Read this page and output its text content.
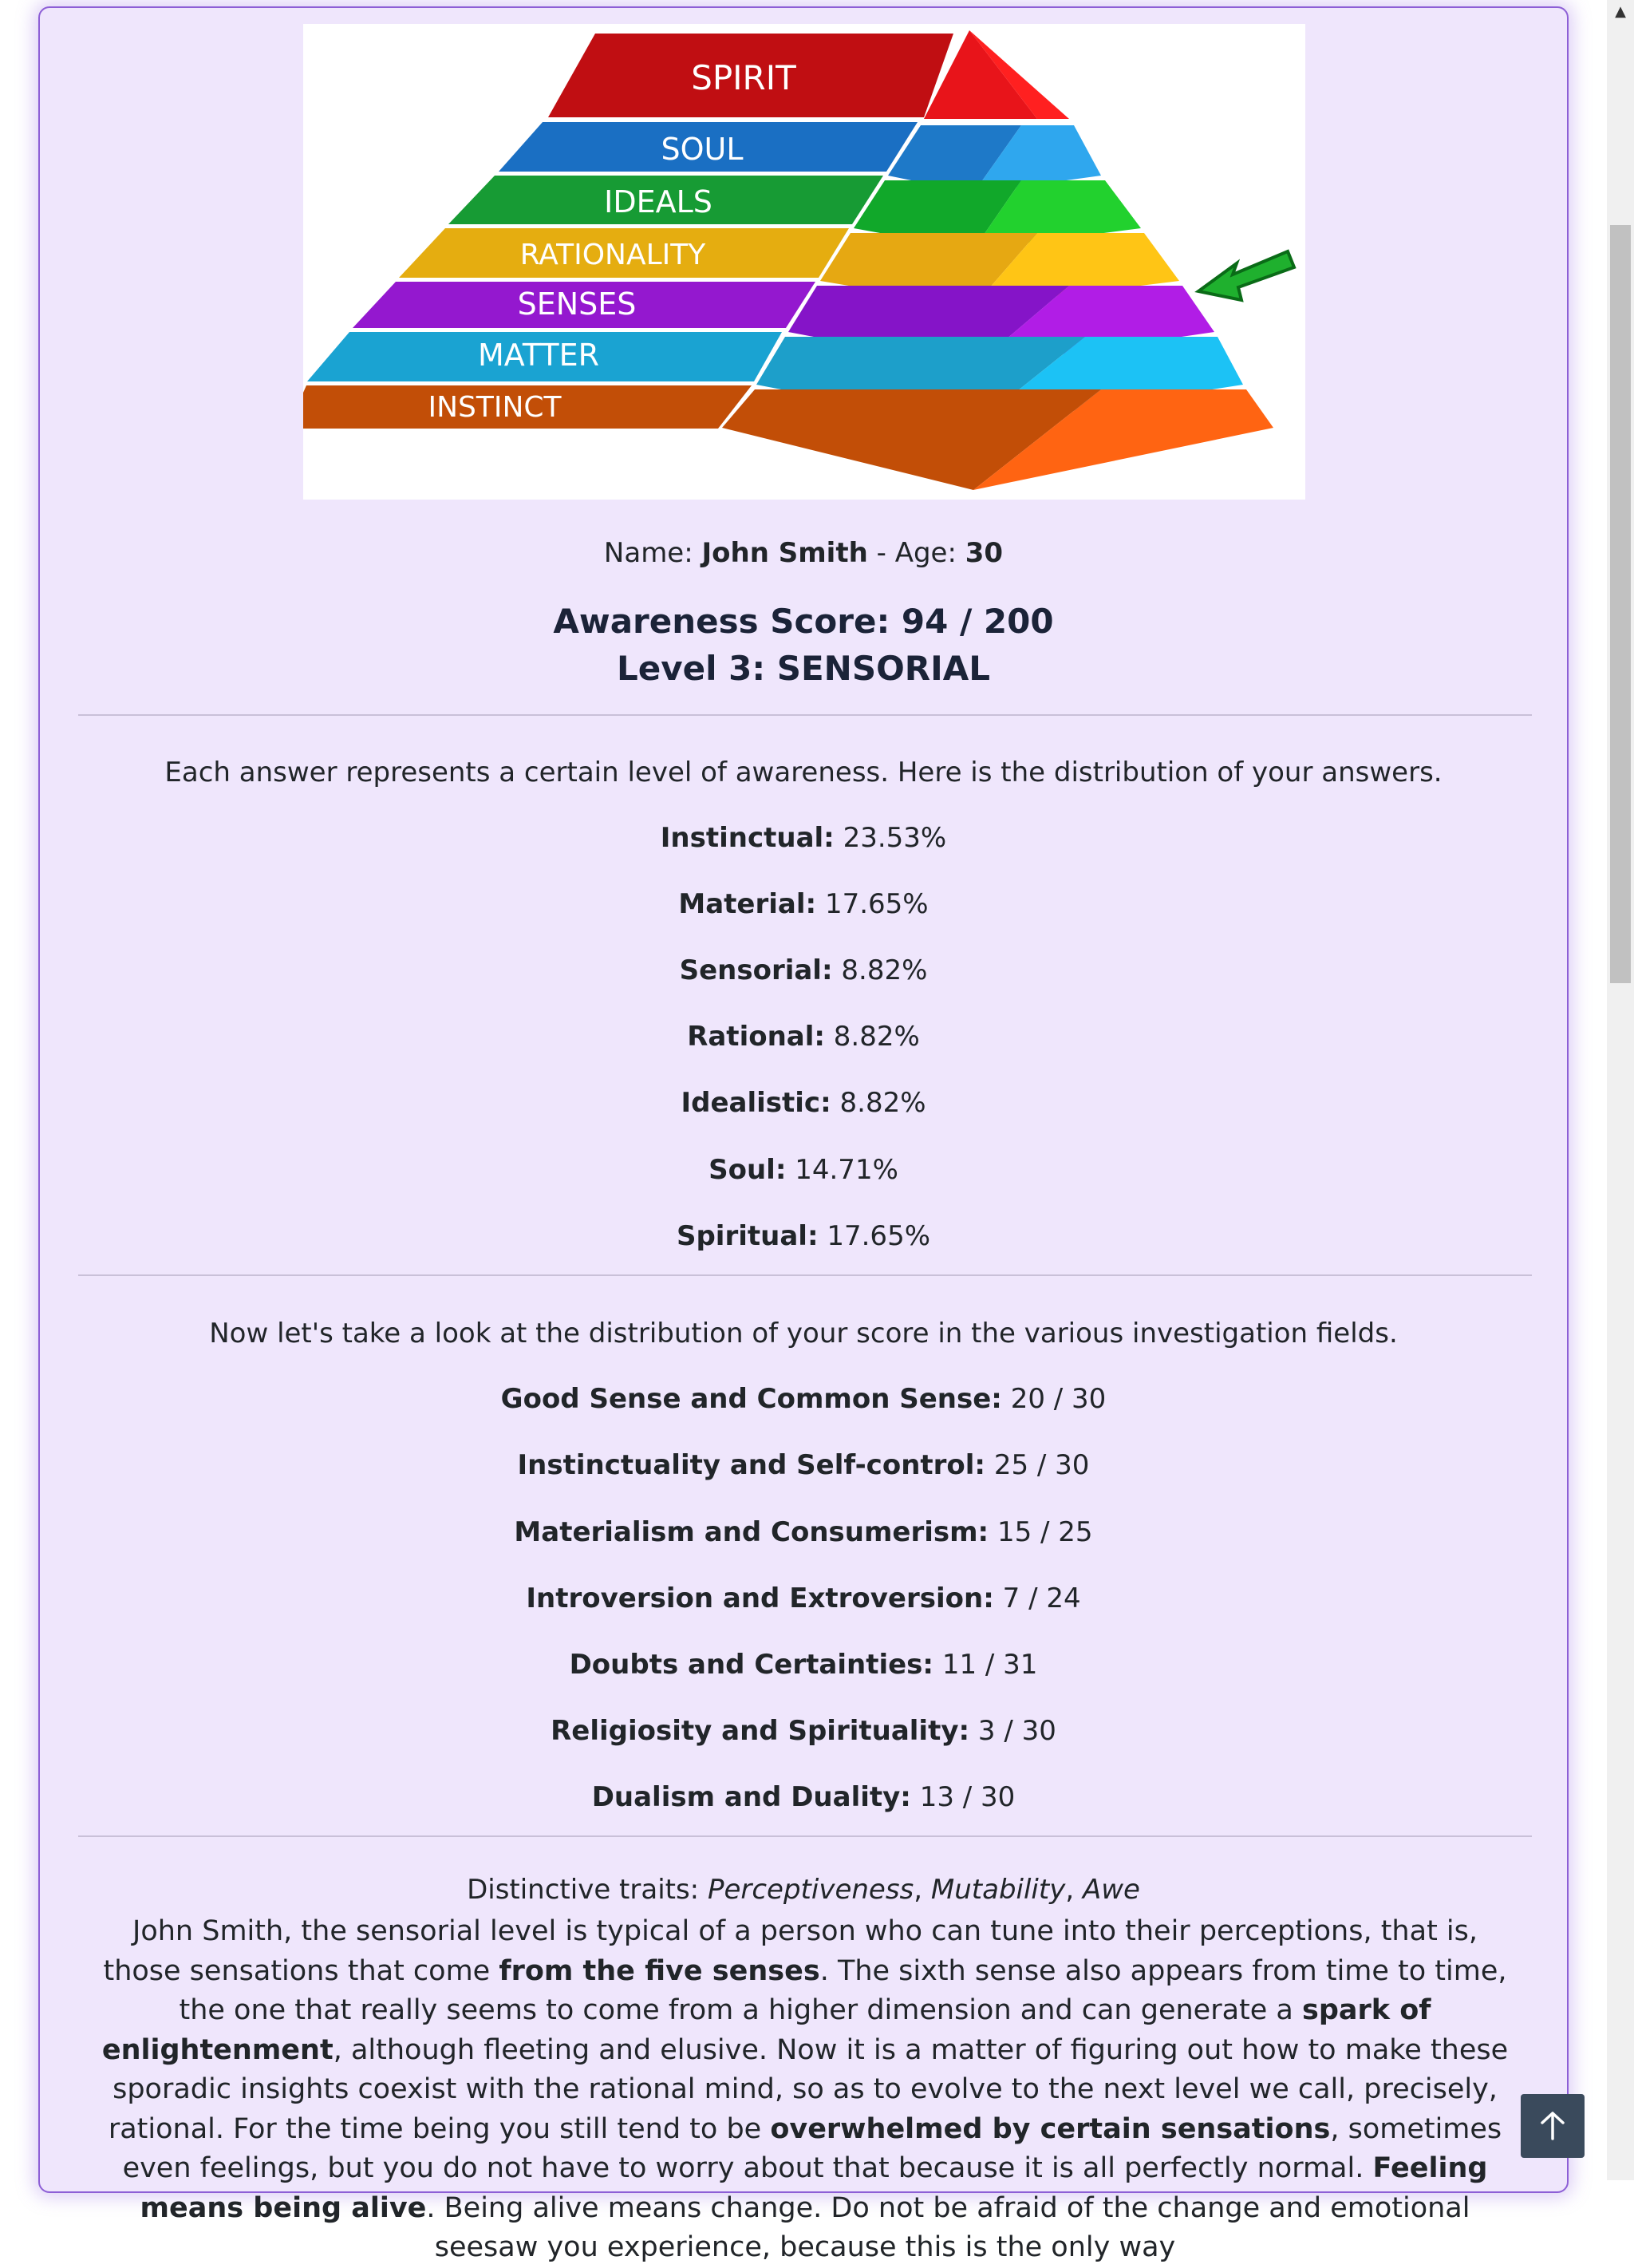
▲
SPIRIT
SOUL
IDEALS
RATIONALITY
SENSES
MATTER
INSTINCT
Name: John Smith - Age: 30
Awareness Score: 94 / 200
Level 3: SENSORIAL
Each answer represents a certain level of awareness. Here is the distribution of your answers.
Instinctual: 23.53%
Material: 17.65%
Sensorial: 8.82%
Rational: 8.82%
Idealistic: 8.82%
Soul: 14.71%
Spiritual: 17.65%
Now let's take a look at the distribution of your score in the various investigation fields.
Good Sense and Common Sense: 20 / 30
Instinctuality and Self-control: 25 / 30
Materialism and Consumerism: 15 / 25
Introversion and Extroversion: 7 / 24
Doubts and Certainties: 11 / 31
Religiosity and Spirituality: 3 / 30
Dualism and Duality: 13 / 30
Distinctive traits: Perceptiveness, Mutability, Awe
John Smith, the sensorial level is typical of a person who can tune into their perceptions, that is, those sensations that come from the five senses. The sixth sense also appears from time to time, the one that really seems to come from a higher dimension and can generate a spark of enlightenment, although fleeting and elusive. Now it is a matter of figuring out how to make these sporadic insights coexist with the rational mind, so as to evolve to the next level we call, precisely, rational. For the time being you still tend to be overwhelmed by certain sensations, sometimes even feelings, but you do not have to worry about that because it is all perfectly normal. Feeling means being alive. Being alive means change. Do not be afraid of the change and emotional seesaw you experience, because this is the only way
